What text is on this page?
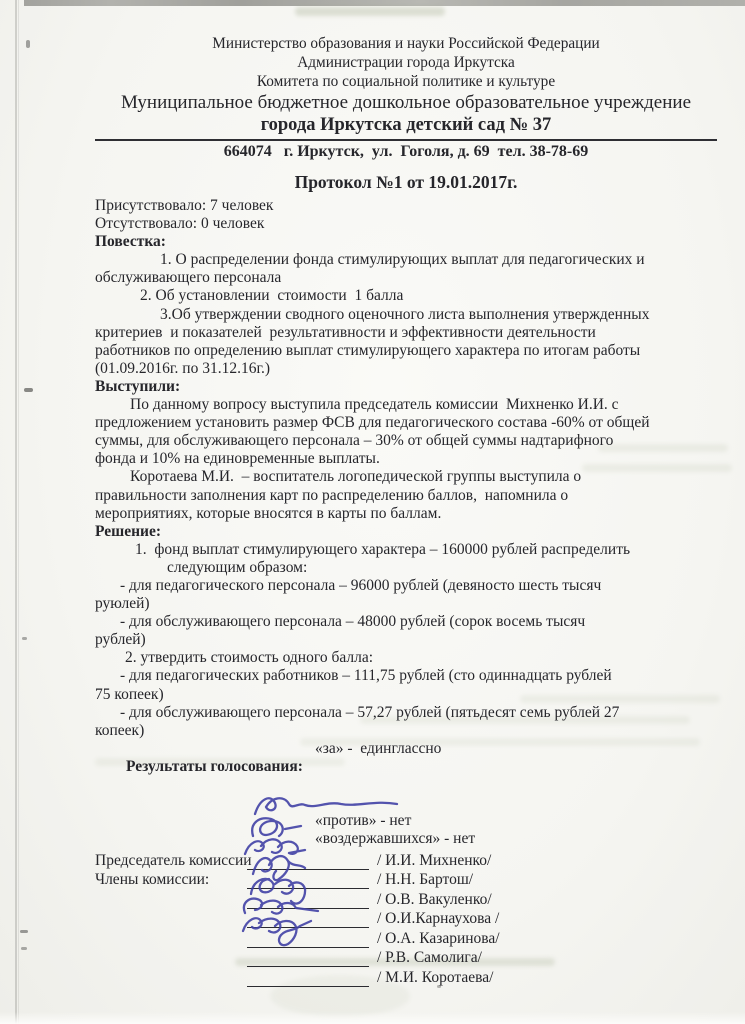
Министерство образования и науки Российской Федерации
Администрации города Иркутска
Комитета по социальной политике и культуре
Муниципальное бюджетное дошкольное образовательное учреждение
города Иркутска детский сад № 37
664074   г. Иркутск,  ул.  Гоголя, д. 69  тел. 38-78-69
Протокол №1 от 19.01.2017г.
Присутствовало: 7 человек
Отсутствовало: 0 человек
Повестка:
1. О распределении фонда стимулирующих выплат для педагогических и
обслуживающего персонала
2. Об установлении  стоимости  1 балла
3.Об утверждении сводного оценочного листа выполнения утвержденных
критериев  и показателей  результативности и эффективности деятельности
работников по определению выплат стимулирующего характера по итогам работы
(01.09.2016г. по 31.12.16г.)
Выступили:
По данному вопросу выступила председатель комиссии  Михненко И.И. с
предложением установить размер ФСВ для педагогического состава -60% от общей
суммы, для обслуживающего персонала – 30% от общей суммы надтарифного
фонда и 10% на единовременные выплаты.
Коротаева М.И.  – воспитатель логопедической группы выступила о
правильности заполнения карт по распределению баллов,  напомнила о
мероприятиях, которые вносятся в карты по баллам.
Решение:
1.  фонд выплат стимулирующего характера – 160000 рублей распределить
следующим образом:
- для педагогического персонала – 96000 рублей (девяносто шесть тысяч
руюлей)
- для обслуживающего персонала – 48000 рублей (сорок восемь тысяч
рублей)
2. утвердить стоимость одного балла:
- для педагогических работников – 111,75 рублей (сто одиннадцать рублей
75 копеек)
- для обслуживающего персонала – 57,27 рублей (пятьдесят семь рублей 27
копеек)

Результаты голосования:

«за» -  единглассно

«против» - нет
«воздержавшихся» - нет
Председатель комиссии	/ И.И. Михненко/
Члены комиссии:	/ Н.Н. Бартош/
/ О.В. Вакуленко/
/ О.И.Карнаухова /
/ О.А. Казаринова/
/ Р.В. Самолига/
/ М.И. Коротаева/
